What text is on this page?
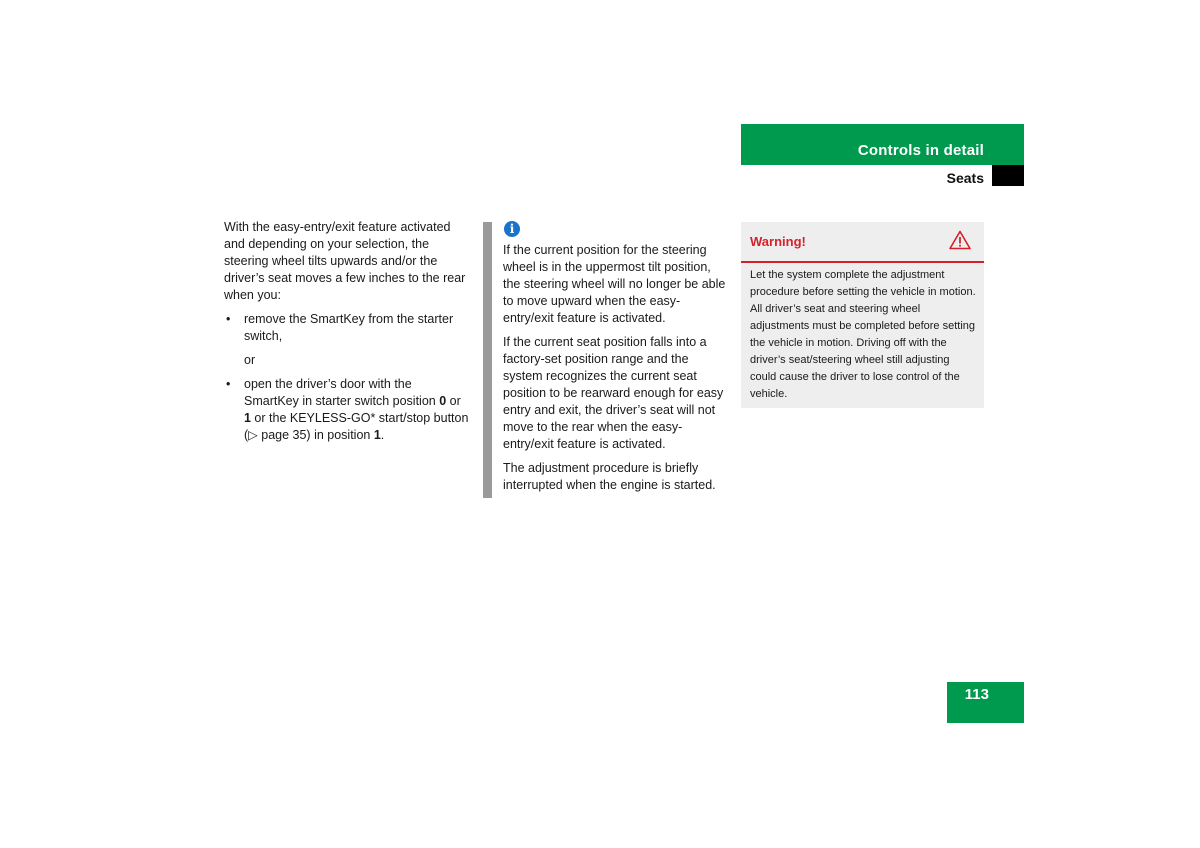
Controls in detail
Seats

With the easy-entry/exit feature activated and depending on your selection, the steering wheel tilts upwards and/or the driver’s seat moves a few inches to the rear when you:

• remove the SmartKey from the starter switch,
or
• open the driver’s door with the SmartKey in starter switch position 0 or 1 or the KEYLESS-GO* start/stop button (▷ page 35) in position 1.
i

If the current position for the steering wheel is in the uppermost tilt position, the steering wheel will no longer be able to move upward when the easy-entry/exit feature is activated.

If the current seat position falls into a factory-set position range and the system recognizes the current seat position to be rearward enough for easy entry and exit, the driver’s seat will not move to the rear when the easy-entry/exit feature is activated.

The adjustment procedure is briefly interrupted when the engine is started.

Warning!
Let the system complete the adjustment procedure before setting the vehicle in motion. All driver’s seat and steering wheel adjustments must be completed before setting the vehicle in motion. Driving off with the driver’s seat/steering wheel still adjusting could cause the driver to lose control of the vehicle.
113
